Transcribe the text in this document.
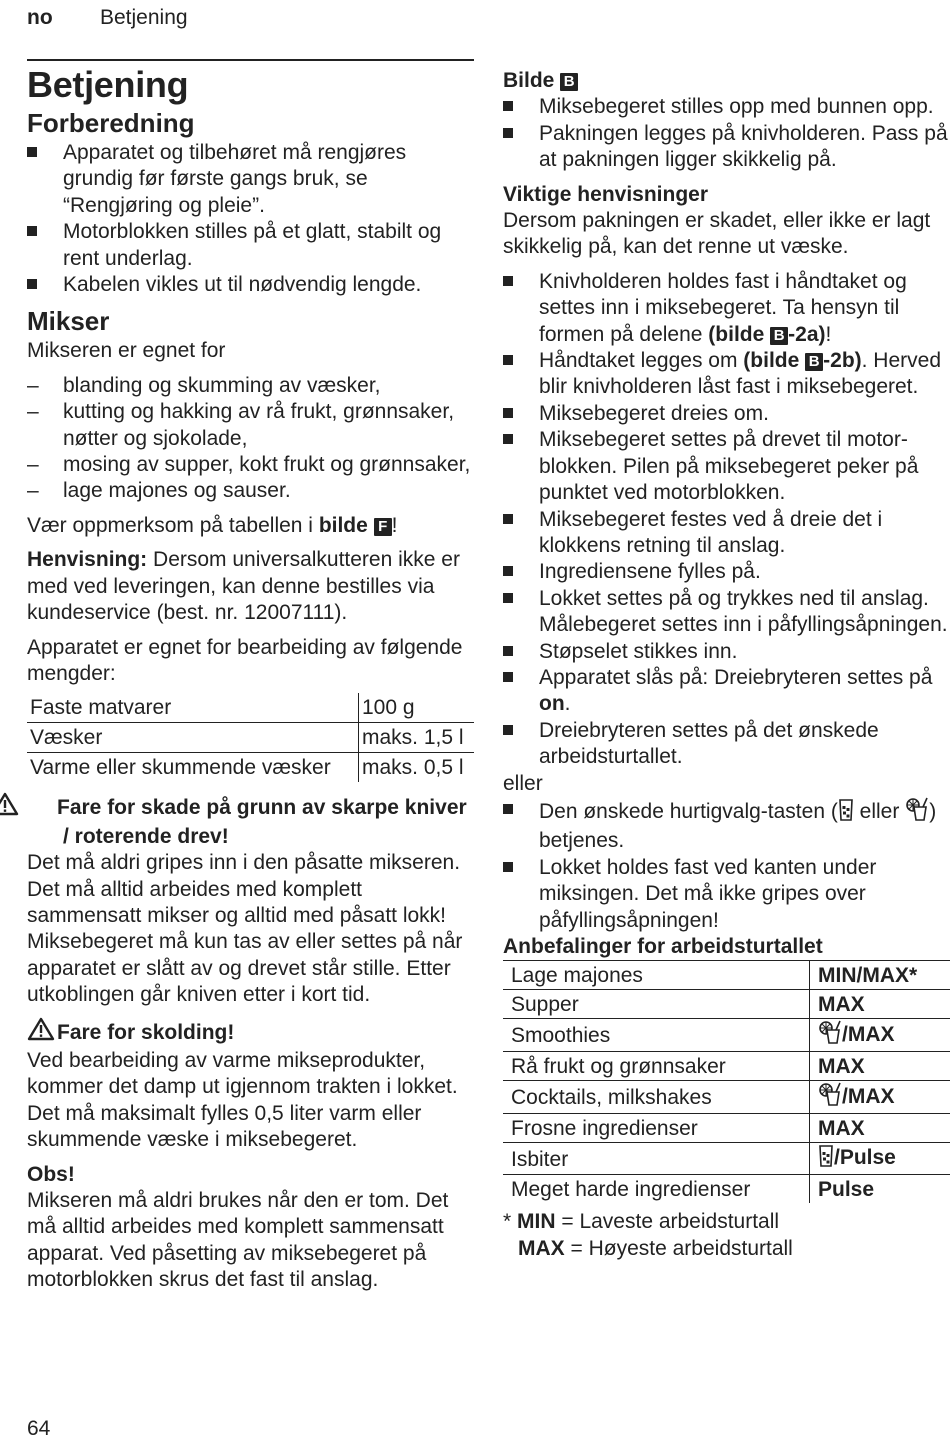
no Betjening
Betjening
Forberedning
Apparatet og tilbehøret må rengjøres grundig før første gangs bruk, se “Rengjøring og pleie”.
Motorblokken stilles på et glatt, stabilt og rent underlag.
Kabelen vikles ut til nødvendig lengde.
Mikser
Mikseren er egnet for
–	blanding og skumming av væsker,
–	kutting og hakking av rå frukt, grønnsaker, nøtter og sjokolade,
–	mosing av supper, kokt frukt og grønnsaker,
–	lage majones og sauser.
Vær oppmerksom på tabellen i bilde F !
Henvisning: Dersom universalkutteren ikke er med ved leveringen, kan denne bestilles via kundeservice (best. nr. 12007111).
Apparatet er egnet for bearbeiding av følgende mengder:
Faste matvarer	100 g
Væsker	maks. 1,5 l
Varme eller skummende væsker	maks. 0,5 l
Fare for skade på grunn av skarpe kniver / roterende drev!
Det må aldri gripes inn i den påsatte mikseren. Det må alltid arbeides med komplett sammensatt mikser og alltid med påsatt lokk! Miksebegeret må kun tas av eller settes på når apparatet er slått av og drevet står stille. Etter utkoblingen går kniven etter i kort tid.
Fare for skolding!
Ved bearbeiding av varme mikseprodukter, kommer det damp ut igjennom trakten i lokket. Det må maksimalt fylles 0,5 liter varm eller skummende væske i miksebegeret.
Obs!
Mikseren må aldri brukes når den er tom. Det må alltid arbeides med komplett sammensatt apparat. Ved påsetting av miksebegeret på motorblokken skrus det fast til anslag.
Bilde B
Miksebegeret stilles opp med bunnen opp.
Pakningen legges på knivholderen. Pass på at pakningen ligger skikkelig på.
Viktige henvisninger
Dersom pakningen er skadet, eller ikke er lagt skikkelig på, kan det renne ut væske.
Knivholderen holdes fast i håndtaket og settes inn i miksebegeret. Ta hensyn til formen på delene (bilde B -2a)!
Håndtaket legges om (bilde B -2b). Herved blir knivholderen låst fast i miksebegeret.
Miksebegeret dreies om.
Miksebegeret settes på drevet til motorblokken. Pilen på miksebegeret peker på punktet ved motorblokken.
Miksebegeret festes ved å dreie det i klokkens retning til anslag.
Ingrediensene fylles på.
Lokket settes på og trykkes ned til anslag. Målebegeret settes inn i påfyllingsåpningen.
Støpselet stikkes inn.
Apparatet slås på: Dreiebryteren settes på on.
Dreiebryteren settes på det ønskede arbeidsturtallet.
eller
Den ønskede hurtigvalg-tasten ( eller ) betjenes.
Lokket holdes fast ved kanten under miksingen. Det må ikke gripes over påfyllingsåpningen!
Anbefalinger for arbeidsturtallet
Lage majones	MIN/MAX*
Supper	MAX
Smoothies	/MAX
Rå frukt og grønnsaker	MAX
Cocktails, milkshakes	/MAX
Frosne ingredienser	MAX
Isbiter	/Pulse
Meget harde ingredienser	Pulse
* MIN = Laveste arbeidsturtall
MAX = Høyeste arbeidsturtall
64
